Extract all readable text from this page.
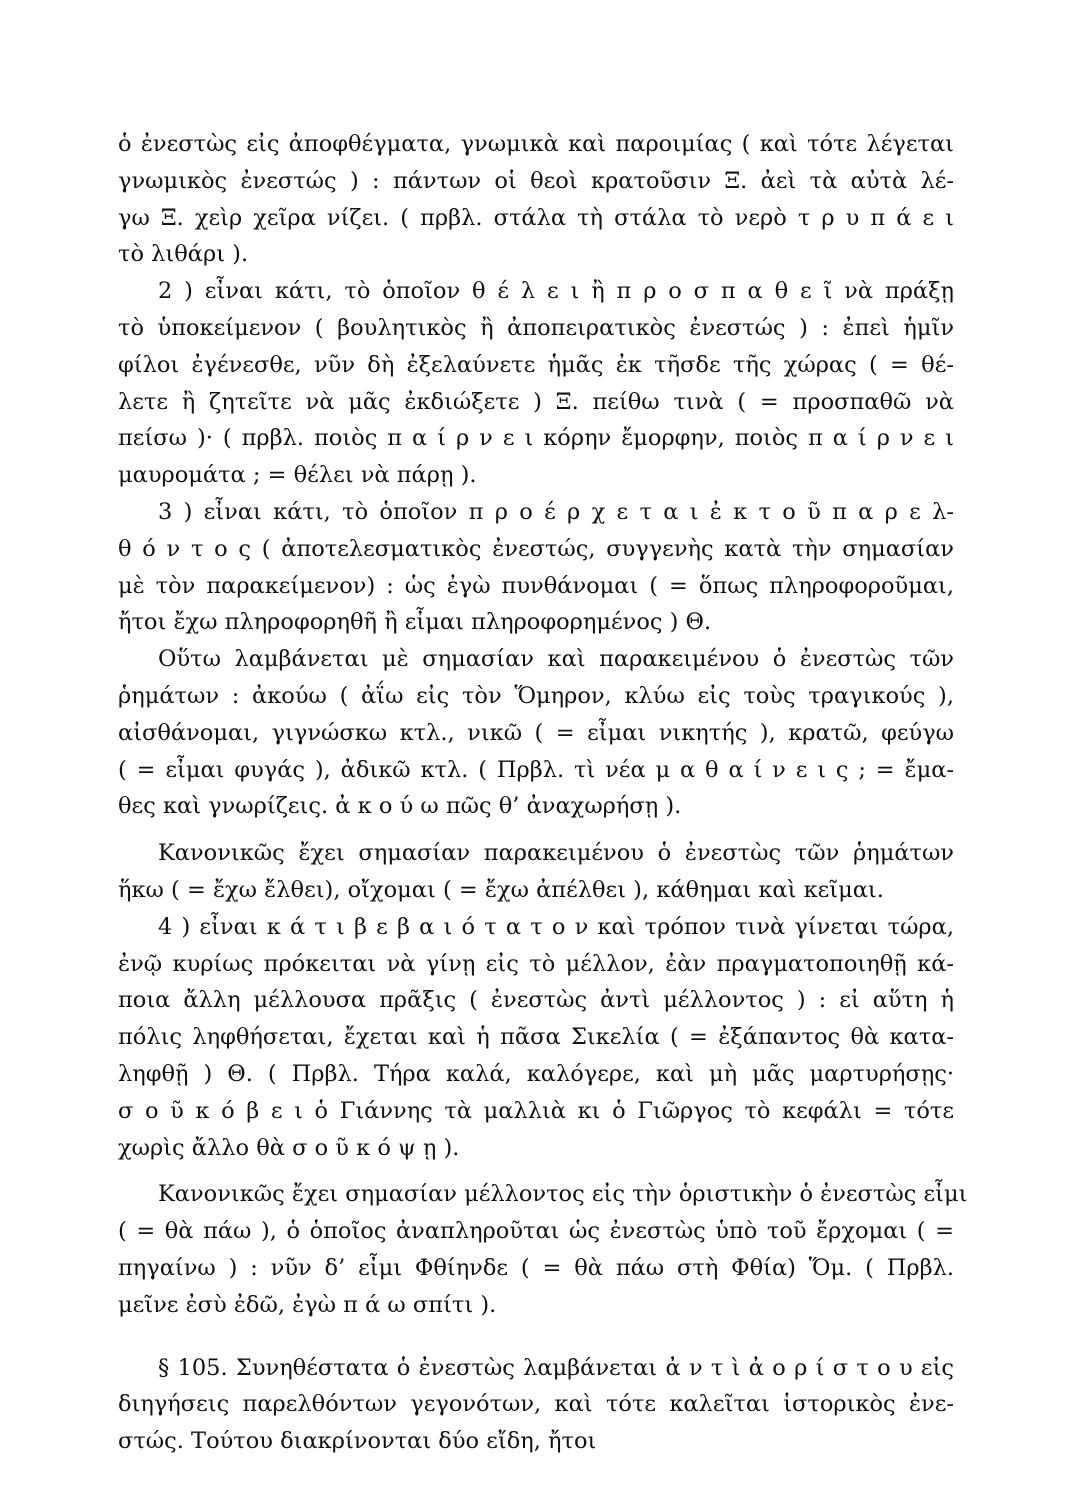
ὁ ἐνεστὼς εἰς ἀποφθέγματα, γνωμικὰ καὶ παροιμίας ( καὶ τότε λέγεται
γνωμικὸς ἐνεστώς ) : πάντων οἱ θεοὶ κρατοῦσιν Ξ. ἀεὶ τὰ αὐτὰ λέ-
γω Ξ. χεὶρ χεῖρα νίζει. ( πρβλ. στάλα τὴ στάλα τὸ νερὸ τ ρ υ π ά ε ι
τὸ λιθάρι ).
2 ) εἶναι κάτι, τὸ ὁποῖον θ έ λ ε ι ἢ π ρ ο σ π α θ ε ῖ νὰ πράξῃ
τὸ ὑποκείμενον ( βουλητικὸς ἢ ἀποπειρατικὸς ἐνεστώς ) : ἐπεὶ ἡμῖν
φίλοι ἐγένεσθε, νῦν δὴ ἐξελαύνετε ἡμᾶς ἐκ τῆσδε τῆς χώρας ( = θέ-
λετε ἢ ζητεῖτε νὰ μᾶς ἐκδιώξετε ) Ξ. πείθω τινὰ ( = προσπαθῶ νὰ
πείσω )· ( πρβλ. ποιὸς π α ί ρ ν ε ι κόρην ἔμορφην, ποιὸς π α ί ρ ν ε ι
μαυρομάτα ; = θέλει νὰ πάρῃ ).
3 ) εἶναι κάτι, τὸ ὁποῖον π ρ ο έ ρ χ ε τ α ι ἐ κ τ ο ῦ π α ρ ε λ-
θ ό ν τ ο ς ( ἀποτελεσματικὸς ἐνεστώς, συγγενὴς κατὰ τὴν σημασίαν
μὲ τὸν παρακείμενον) : ὡς ἐγὼ πυνθάνομαι ( = ὅπως πληροφοροῦμαι,
ἤτοι ἔχω πληροφορηθῆ ἢ εἶμαι πληροφορημένος ) Θ.
Οὕτω λαμβάνεται μὲ σημασίαν καὶ παρακειμένου ὁ ἐνεστὼς τῶν
ῥημάτων : ἀκούω ( ἀΐω εἰς τὸν Ὅμηρον, κλύω εἰς τοὺς τραγικούς ),
αἰσθάνομαι, γιγνώσκω κτλ., νικῶ ( = εἶμαι νικητής ), κρατῶ, φεύγω
( = εἶμαι φυγάς ), ἀδικῶ κτλ. ( Πρβλ. τὶ νέα μ α θ α ί ν ε ι ς ; = ἔμα-
θες καὶ γνωρίζεις. ἀ κ ο ύ ω πῶς θ’ ἀναχωρήσῃ ).
Κανονικῶς ἔχει σημασίαν παρακειμένου ὁ ἐνεστὼς τῶν ῥημάτων
ἥκω ( = ἔχω ἔλθει), οἴχομαι ( = ἔχω ἀπέλθει ), κάθημαι καὶ κεῖμαι.
4 ) εἶναι κ ά τ ι β ε β α ι ό τ α τ ο ν καὶ τρόπον τινὰ γίνεται τώρα,
ἐνῷ κυρίως πρόκειται νὰ γίνῃ εἰς τὸ μέλλον, ἐὰν πραγματοποιηθῇ κά-
ποια ἄλλη μέλλουσα πρᾶξις ( ἐνεστὼς ἀντὶ μέλλοντος ) : εἰ αὕτη ἡ
πόλις ληφθήσεται, ἔχεται καὶ ἡ πᾶσα Σικελία ( = ἐξάπαντος θὰ κατα-
ληφθῇ ) Θ. ( Πρβλ. Τήρα καλά, καλόγερε, καὶ μὴ μᾶς μαρτυρήσῃς·
σ ο ῦ κ ό β ε ι ὁ Γιάννης τὰ μαλλιὰ κι ὁ Γιῶργος τὸ κεφάλι = τότε
χωρὶς ἄλλο θὰ σ ο ῦ κ ό ψ ῃ ).
Κανονικῶς ἔχει σημασίαν μέλλοντος εἰς τὴν ὁριστικὴν ὁ ἐνεστὼς εἶμι
( = θὰ πάω ), ὁ ὁποῖος ἀναπληροῦται ὡς ἐνεστὼς ὑπὸ τοῦ ἔρχομαι ( =
πηγαίνω ) : νῦν δ’ εἶμι Φθίηνδε ( = θὰ πάω στὴ Φθία) Ὅμ. ( Πρβλ.
μεῖνε ἐσὺ ἐδῶ, ἐγὼ π ά ω σπίτι ).
§ 105. Συνηθέστατα ὁ ἐνεστὼς λαμβάνεται ἀ ν τ ὶ ἀ ο ρ ί σ τ ο υ εἰς
διηγήσεις παρελθόντων γεγονότων, καὶ τότε καλεῖται ἱστορικὸς ἐνε-
στώς. Τούτου διακρίνονται δύο εἴδη, ἤτοι
